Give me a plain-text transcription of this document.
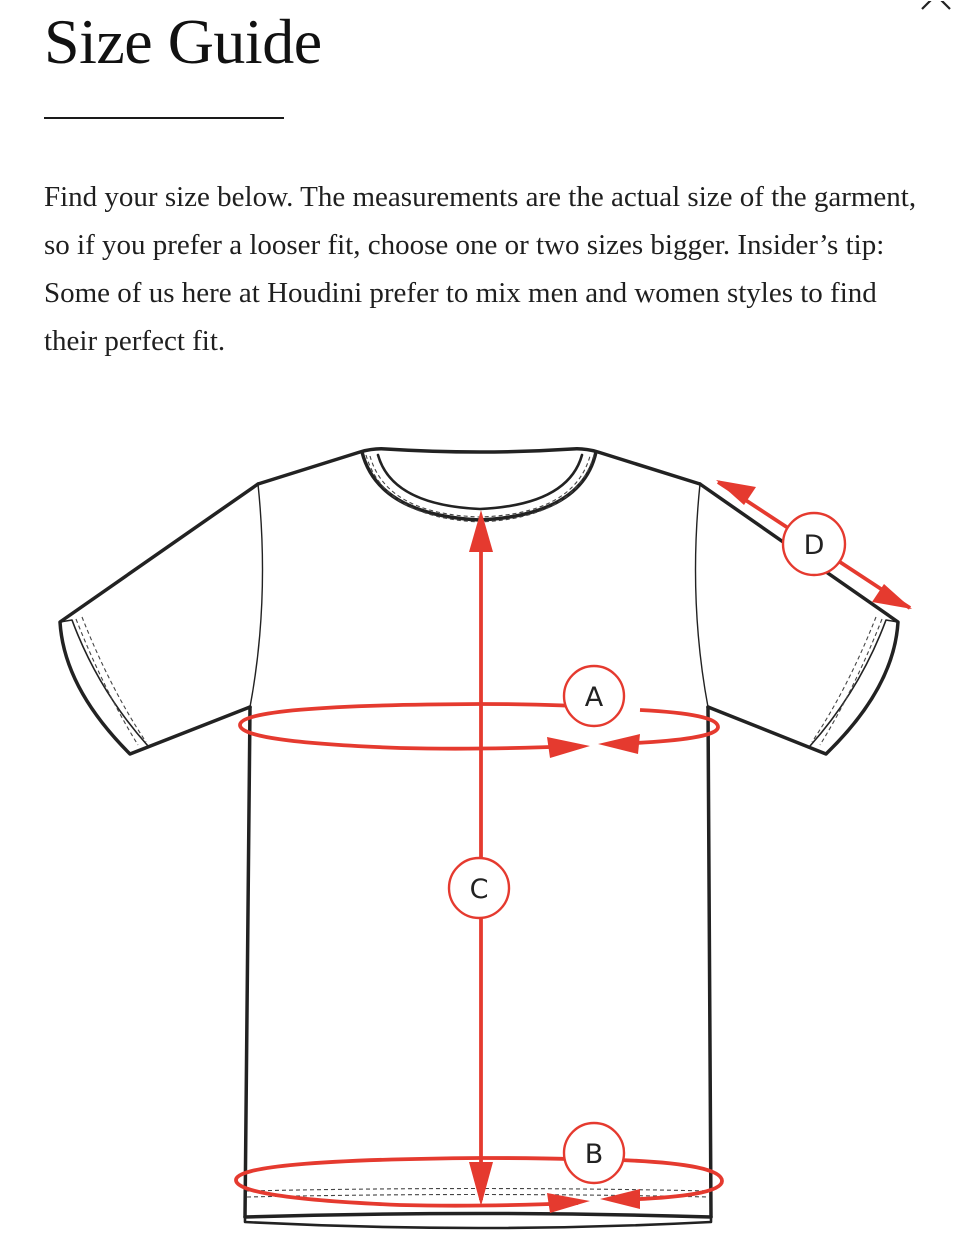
Size Guide

Find your size below. The measurements are the actual size of the garment, so if you prefer a looser fit, choose one or two sizes bigger. Insider’s tip: Some of us here at Houdini prefer to mix men and women styles to find their perfect fit.

A
B
C
D
